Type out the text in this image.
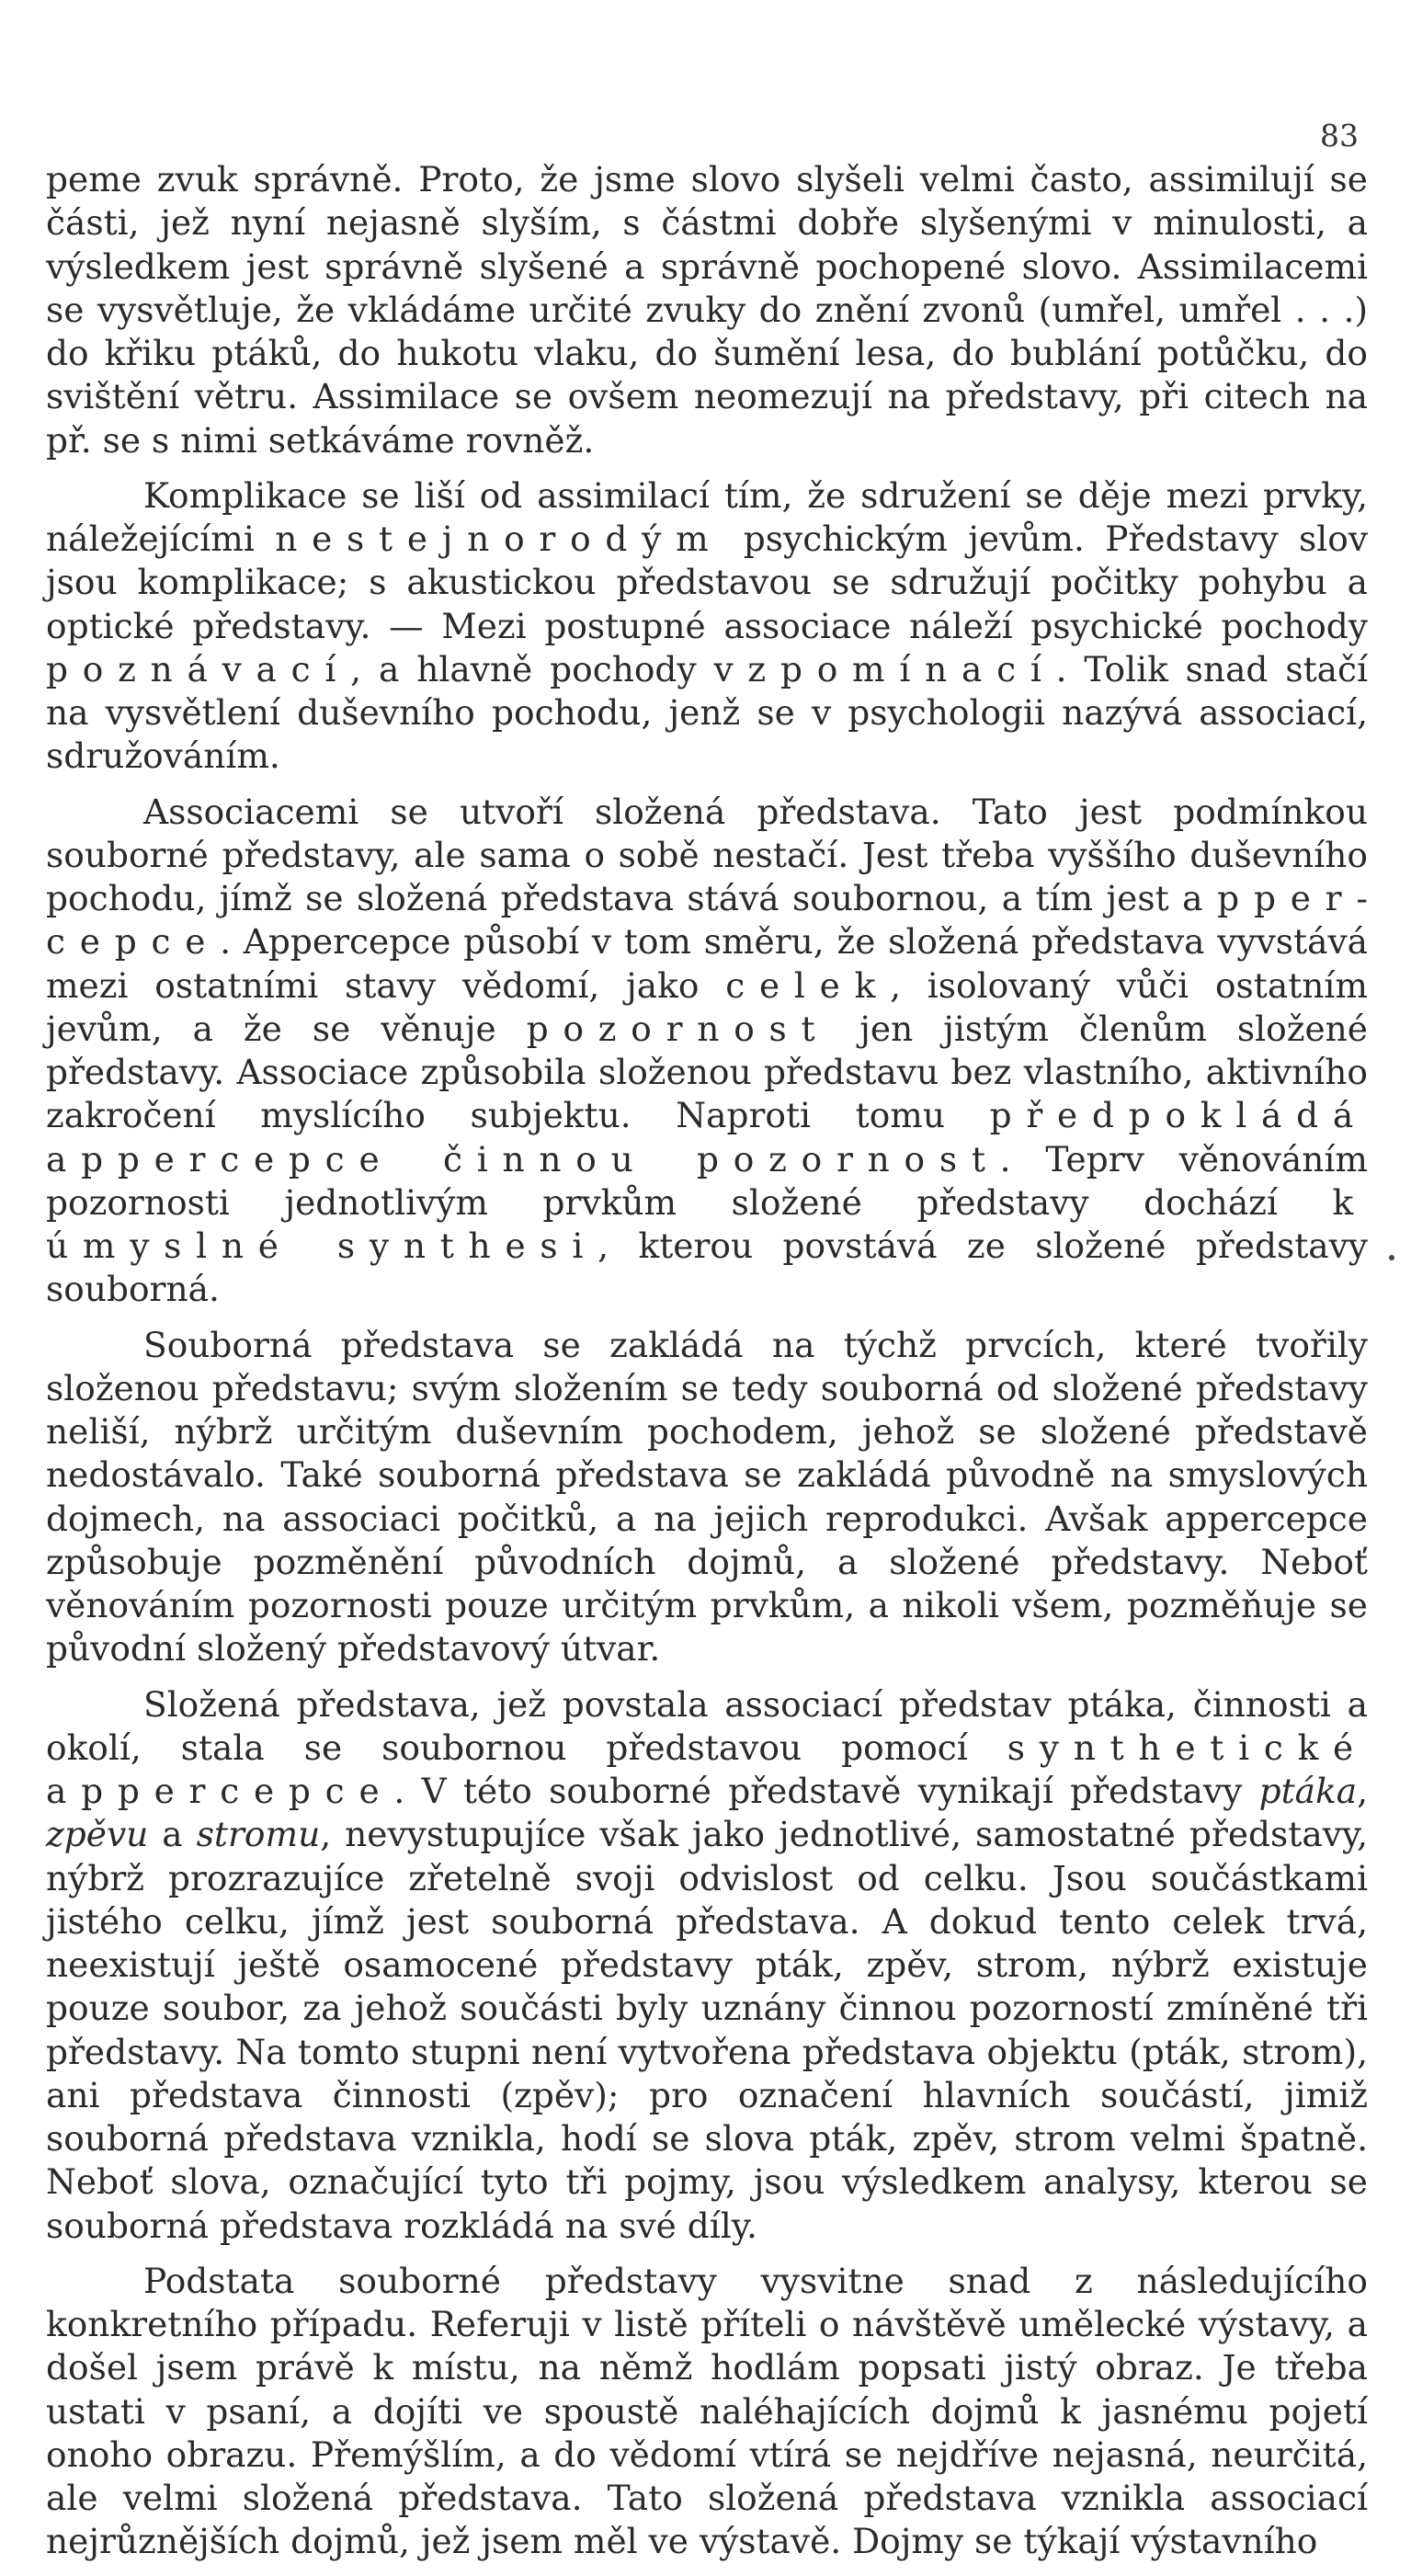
83

peme zvuk správně. Proto, že jsme slovo slyšeli velmi často, assimilují se části, jež nyní nejasně slyším, s částmi dobře slyšenými v minulosti, a výsledkem jest správně slyšené a správně pochopené slovo. Assimilacemi se vysvětluje, že vkládáme určité zvuky do znění zvonů (umřel, umřel . . .) do křiku ptáků, do hukotu vlaku, do šumění lesa, do bublání potůčku, do svištění větru. Assimilace se ovšem neomezují na představy, při citech na př. se s nimi setkáváme rovněž.

Komplikace se liší od assimilací tím, že sdružení se děje mezi prvky, náležejícími nestejnorodým psychickým jevům. Představy slov jsou komplikace; s akustickou představou se sdružují počitky pohybu a optické představy. — Mezi postupné associace náleží psychické pochody poznávací, a hlavně pochody vzpomínací. Tolik snad stačí na vysvětlení duševního pochodu, jenž se v psychologii nazývá associací, sdružováním.

Associacemi se utvoří složená představa. Tato jest podmínkou souborné představy, ale sama o sobě nestačí. Jest třeba vyššího duševního pochodu, jímž se složená představa stává soubornou, a tím jest appercepce. Appercepce působí v tom směru, že složená představa vyvstává mezi ostatními stavy vědomí, jako celek, isolovaný vůči ostatním jevům, a že se věnuje pozornost jen jistým členům složené představy. Associace způsobila složenou představu bez vlastního, aktivního zakročení myslícího subjektu. Naproti tomu předpokládá appercepce činnou pozornost. Teprv věnováním pozornosti jednotlivým prvkům složené představy dochází k úmyslné synthesi, kterou povstává ze složené představy souborná.

Souborná představa se zakládá na týchž prvcích, které tvořily složenou představu; svým složením se tedy souborná od složené představy neliší, nýbrž určitým duševním pochodem, jehož se složené představě nedostávalo. Také souborná představa se zakládá původně na smyslových dojmech, na associaci počitků, a na jejich reprodukci. Avšak appercepce způsobuje pozměnění původních dojmů, a složené představy. Neboť věnováním pozornosti pouze určitým prvkům, a nikoli všem, pozměňuje se původní složený představový útvar.

Složená představa, jež povstala associací představ ptáka, činnosti a okolí, stala se soubornou představou pomocí synthetické appercepce. V této souborné představě vynikají představy ptáka, zpěvu a stromu, nevystupujíce však jako jednotlivé, samostatné představy, nýbrž prozrazujíce zřetelně svoji odvislost od celku. Jsou součástkami jistého celku, jímž jest souborná představa. A dokud tento celek trvá, neexistují ještě osamocené představy pták, zpěv, strom, nýbrž existuje pouze soubor, za jehož součásti byly uznány činnou pozorností zmíněné tři představy. Na tomto stupni není vytvořena představa objektu (pták, strom), ani představa činnosti (zpěv); pro označení hlavních součástí, jimiž souborná představa vznikla, hodí se slova pták, zpěv, strom velmi špatně. Neboť slova, označující tyto tři pojmy, jsou výsledkem analysy, kterou se souborná představa rozkládá na své díly.

Podstata souborné představy vysvitne snad z následujícího konkretního případu. Referuji v listě příteli o návštěvě umělecké výstavy, a došel jsem právě k místu, na němž hodlám popsati jistý obraz. Je třeba ustati v psaní, a dojíti ve spoustě naléhajících dojmů k jasnému pojetí onoho obrazu. Přemýšlím, a do vědomí vtírá se nejdříve nejasná, neurčitá, ale velmi složená představa. Tato složená představa vznikla associací nejrůznějších dojmů, jež jsem měl ve výstavě. Dojmy se týkají výstavního
